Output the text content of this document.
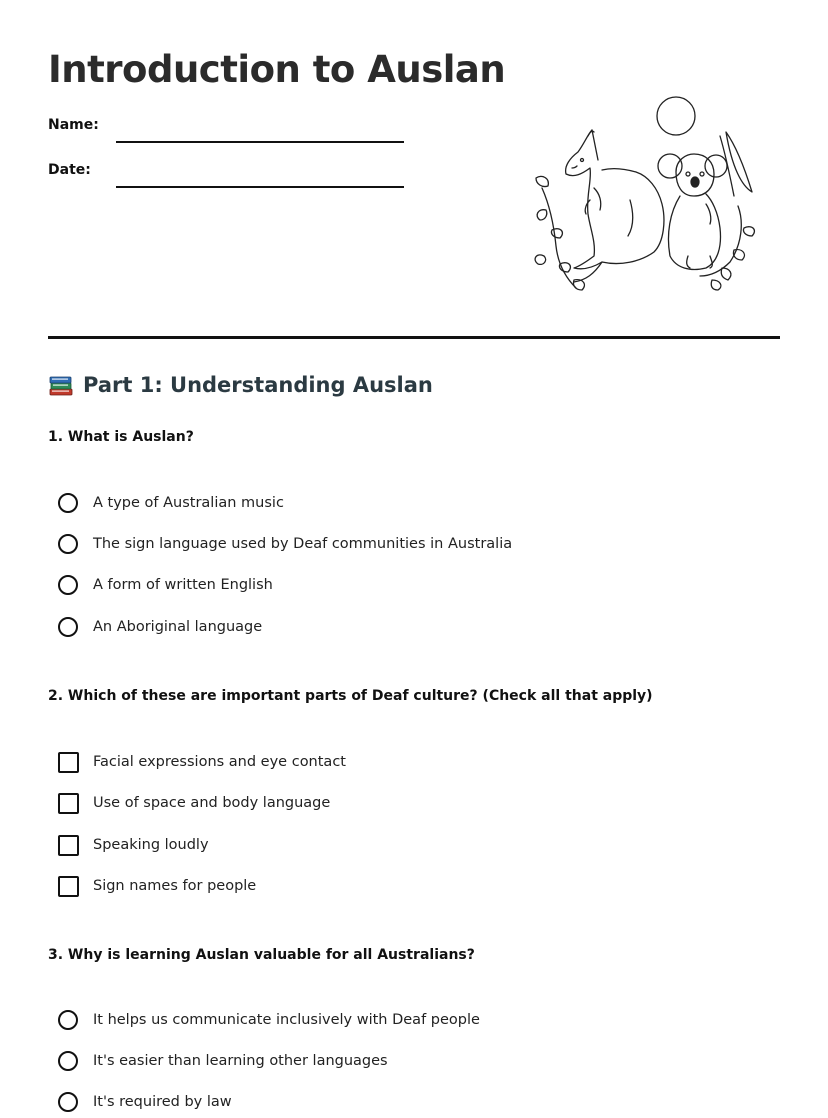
Introduction to Auslan
Name:
Date:
Part 1: Understanding Auslan
1. What is Auslan?
A type of Australian music
The sign language used by Deaf communities in Australia
A form of written English
An Aboriginal language
2. Which of these are important parts of Deaf culture? (Check all that apply)
Facial expressions and eye contact
Use of space and body language
Speaking loudly
Sign names for people
3. Why is learning Auslan valuable for all Australians?
It helps us communicate inclusively with Deaf people
It's easier than learning other languages
It's required by law
